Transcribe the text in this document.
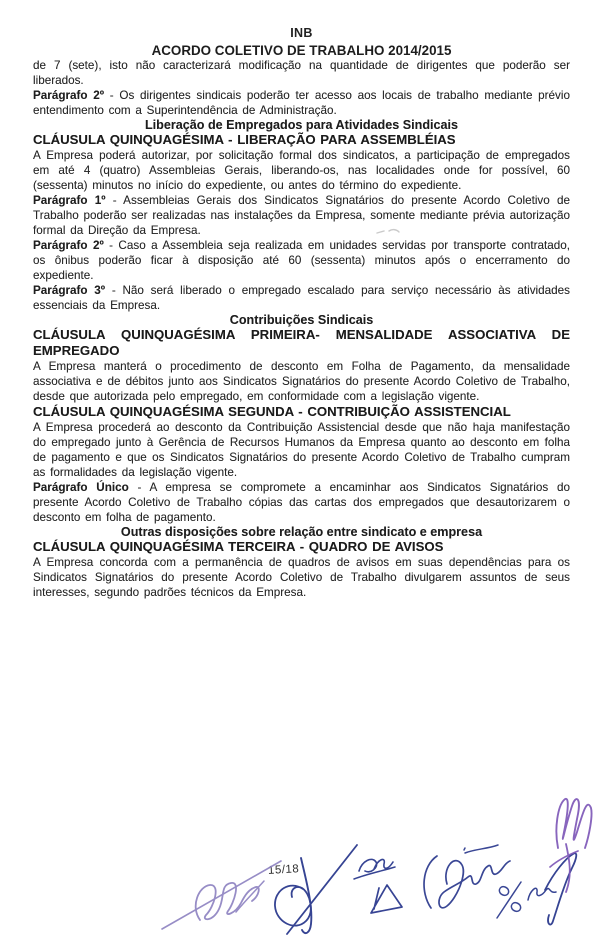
INB
ACORDO COLETIVO DE TRABALHO 2014/2015

de 7 (sete), isto não caracterizará modificação na quantidade de dirigentes que poderão ser liberados.

Parágrafo 2º - Os dirigentes sindicais poderão ter acesso aos locais de trabalho mediante prévio entendimento com a Superintendência de Administração.

Liberação de Empregados para Atividades Sindicais
CLÁUSULA QUINQUAGÉSIMA - LIBERAÇÃO PARA ASSEMBLÉIAS

A Empresa poderá autorizar, por solicitação formal dos sindicatos, a participação de empregados em até 4 (quatro) Assembleias Gerais, liberando-os, nas localidades onde for possível, 60 (sessenta) minutos no início do expediente, ou antes do término do expediente.

Parágrafo 1º - Assembleias Gerais dos Sindicatos Signatários do presente Acordo Coletivo de Trabalho poderão ser realizadas nas instalações da Empresa, somente mediante prévia autorização formal da Direção da Empresa.

Parágrafo 2º - Caso a Assembleia seja realizada em unidades servidas por transporte contratado, os ônibus poderão ficar à disposição até 60 (sessenta) minutos após o encerramento do expediente.

Parágrafo 3º - Não será liberado o empregado escalado para serviço necessário às atividades essenciais da Empresa.

Contribuições Sindicais
CLÁUSULA QUINQUAGÉSIMA PRIMEIRA- MENSALIDADE ASSOCIATIVA DE EMPREGADO

A Empresa manterá o procedimento de desconto em Folha de Pagamento, da mensalidade associativa e de débitos junto aos Sindicatos Signatários do presente Acordo Coletivo de Trabalho, desde que autorizada pelo empregado, em conformidade com a legislação vigente.

CLÁUSULA QUINQUAGÉSIMA SEGUNDA - CONTRIBUIÇÃO ASSISTENCIAL

A Empresa procederá ao desconto da Contribuição Assistencial desde que não haja manifestação do empregado junto à Gerência de Recursos Humanos da Empresa quanto ao desconto em folha de pagamento e que os Sindicatos Signatários do presente Acordo Coletivo de Trabalho cumpram as formalidades da legislação vigente.

Parágrafo Único - A empresa se compromete a encaminhar aos Sindicatos Signatários do presente Acordo Coletivo de Trabalho cópias das cartas dos empregados que desautorizarem o desconto em folha de pagamento.

Outras disposições sobre relação entre sindicato e empresa
CLÁUSULA QUINQUAGÉSIMA TERCEIRA - QUADRO DE AVISOS

A Empresa concorda com a permanência de quadros de avisos em suas dependências para os Sindicatos Signatários do presente Acordo Coletivo de Trabalho divulgarem assuntos de seus interesses, segundo padrões técnicos da Empresa.

15/18
